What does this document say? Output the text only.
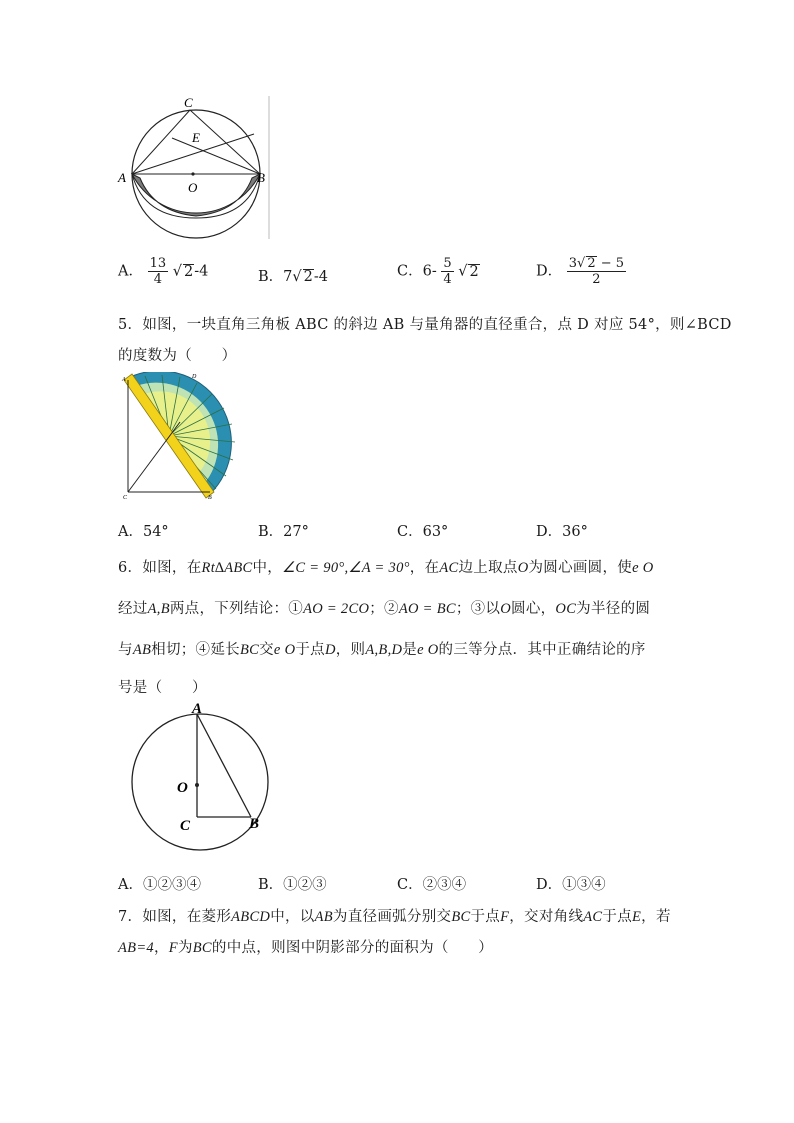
C
E
A	B
O
A． $\frac{13}{4}$ √ 2-4	B．7√ 2-4	C．$6- \frac{5}{4}$ √ 2	D． $\frac{3√ 2 - 5}{2}$
5．如图，一块直角三角板 ABC 的斜边 AB 与量角器的直径重合，点 D 对应 54°，则∠BCD
的度数为（　　）
A	D
C	B
A．54°	B．27°	C．63°	D．36°
6．如图，在Rt∆ABC中，∠C = 90°,∠A = 30°，在AC边上取点O为圆心画圆，使e O
经过A,B两点，下列结论：①AO = 2CO；②AO = BC；③以O圆心，OC为半径的圆
与AB相切；④延长BC交e O于点D，则A,B,D是e O的三等分点．其中正确结论的序
号是（　　）
A
O
C	B
A．①②③④	B．①②③	C．②③④	D．①③④
7．如图，在菱形ABCD中，以AB为直径画弧分别交BC于点F，交对角线AC于点E，若
AB=4，F为BC的中点，则图中阴影部分的面积为（　　）
